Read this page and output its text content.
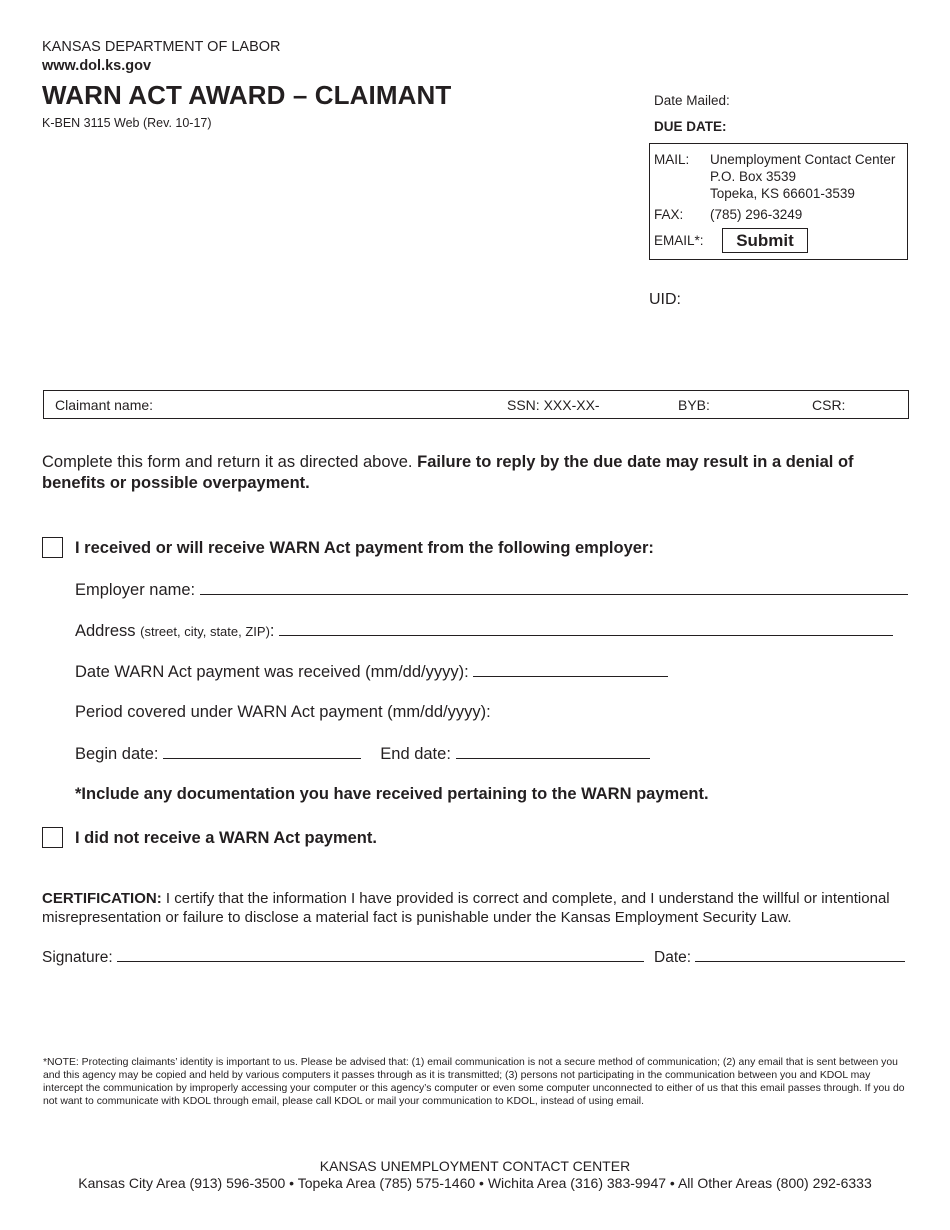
KANSAS DEPARTMENT OF LABOR
www.dol.ks.gov
WARN ACT AWARD – CLAIMANT
K-BEN 3115 Web (Rev. 10-17)
Date Mailed:
DUE DATE:
MAIL: Unemployment Contact Center
P.O. Box 3539
Topeka, KS 66601-3539
FAX: (785) 296-3249
EMAIL*:	Submit
UID:
Claimant name:	SSN: XXX-XX-	BYB:	CSR:
Complete this form and return it as directed above. Failure to reply by the due date may result in a denial of benefits or possible overpayment.
I received or will receive WARN Act payment from the following employer:
Employer name:
Address (street, city, state, ZIP):
Date WARN Act payment was received (mm/dd/yyyy):
Period covered under WARN Act payment (mm/dd/yyyy):
Begin date:	End date:
*Include any documentation you have received pertaining to the WARN payment.
I did not receive a WARN Act payment.
CERTIFICATION: I certify that the information I have provided is correct and complete, and I understand the willful or intentional misrepresentation or failure to disclose a material fact is punishable under the Kansas Employment Security Law.
Signature:	Date:
*NOTE: Protecting claimants’ identity is important to us. Please be advised that: (1) email communication is not a secure method of communication; (2) any email that is sent between you and this agency may be copied and held by various computers it passes through as it is transmitted; (3) persons not participating in the communication between you and KDOL may intercept the communication by improperly accessing your computer or this agency’s computer or even some computer unconnected to either of us that this email passes through. If you do not want to communicate with KDOL through email, please call KDOL or mail your communication to KDOL, instead of using email.
KANSAS UNEMPLOYMENT CONTACT CENTER
Kansas City Area (913) 596-3500 • Topeka Area (785) 575-1460 • Wichita Area (316) 383-9947 • All Other Areas (800) 292-6333
